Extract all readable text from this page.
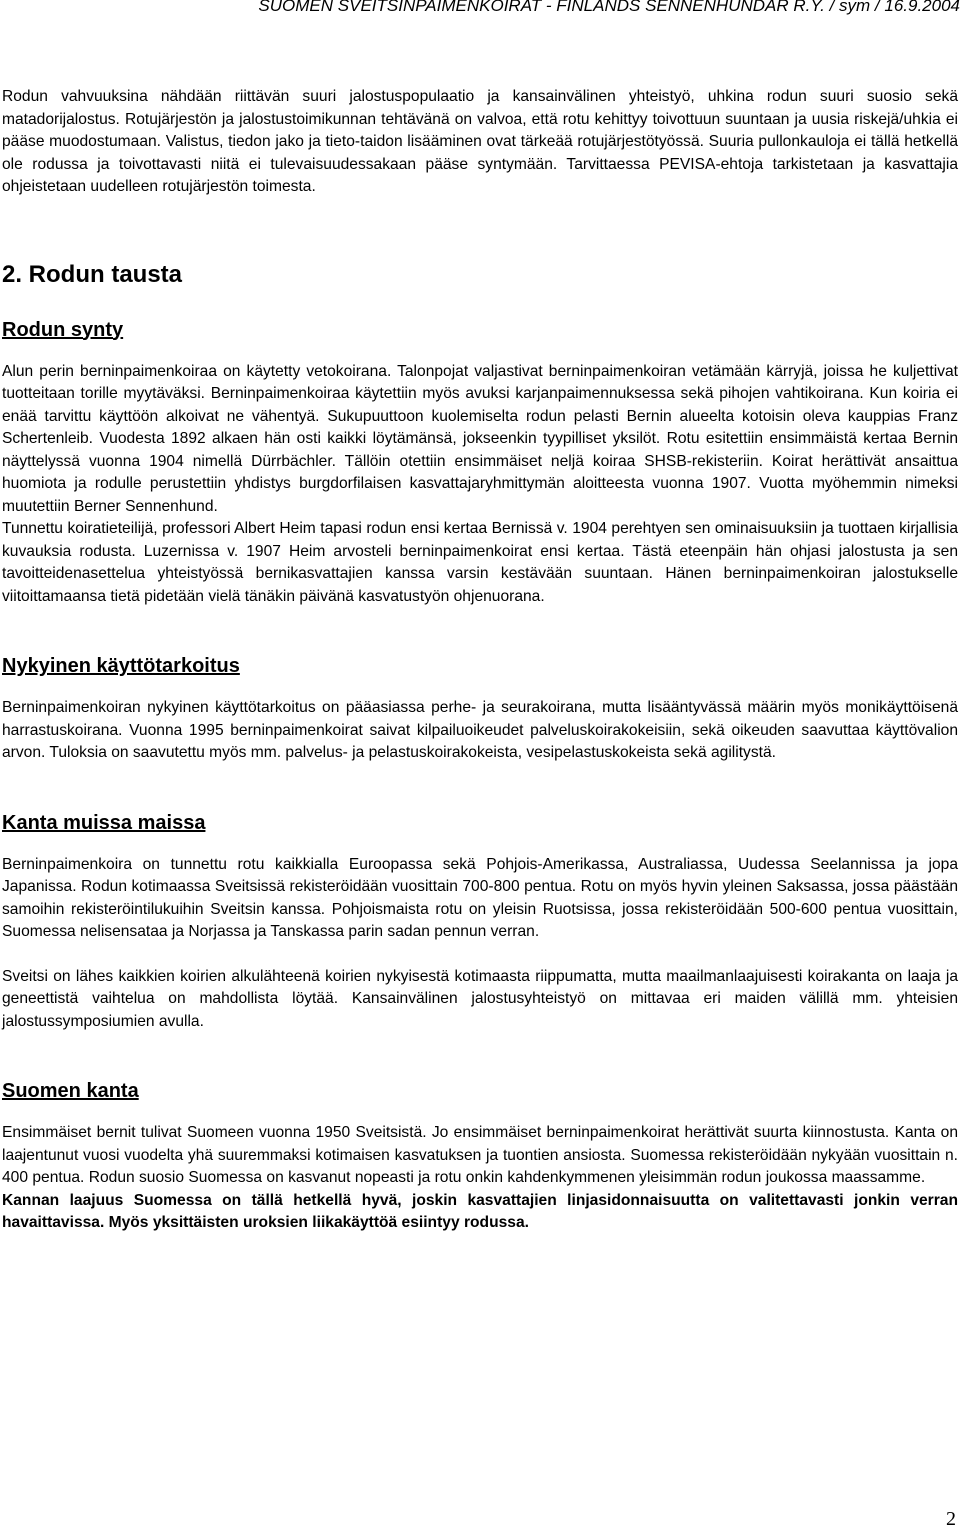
SUOMEN SVEITSINPAIMENKOIRAT - FINLANDS SENNENHUNDAR R.Y. / sym / 16.9.2004

Rodun vahvuuksina nähdään riittävän suuri jalostuspopulaatio ja kansainvälinen yhteistyö, uhkina rodun suuri suosio sekä matadorijalostus. Rotujärjestön ja jalostustoimikunnan tehtävänä on valvoa, että rotu kehittyy toivottuun suuntaan ja uusia riskejä/uhkia ei pääse muodostumaan. Valistus, tiedon jako ja tieto-taidon lisääminen ovat tärkeää rotujärjestötyössä. Suuria pullonkauloja ei tällä hetkellä ole rodussa ja toivottavasti niitä ei tulevaisuudessakaan pääse syntymään. Tarvittaessa PEVISA-ehtoja tarkistetaan ja kasvattajia ohjeistetaan uudelleen rotujärjestön toimesta.

2. Rodun tausta
Rodun synty

Alun perin berninpaimenkoiraa on käytetty vetokoirana. Talonpojat valjastivat berninpaimenkoiran vetämään kärryjä, joissa he kuljettivat tuotteitaan torille myytäväksi. Berninpaimenkoiraa käytettiin myös avuksi karjanpaimennuksessa sekä pihojen vahtikoirana. Kun koiria ei enää tarvittu käyttöön alkoivat ne vähentyä. Sukupuuttoon kuolemiselta rodun pelasti Bernin alueelta kotoisin oleva kauppias Franz Schertenleib. Vuodesta 1892 alkaen hän osti kaikki löytämänsä, jokseenkin tyypilliset yksilöt. Rotu esitettiin ensimmäistä kertaa Bernin näyttelyssä vuonna 1904 nimellä Dürrbächler. Tällöin otettiin ensimmäiset neljä koiraa SHSB-rekisteriin. Koirat herättivät ansaittua huomiota ja rodulle perustettiin yhdistys burgdorfilaisen kasvattajaryhmittymän aloitteesta vuonna 1907. Vuotta myöhemmin nimeksi muutettiin Berner Sennenhund.

Tunnettu koiratieteilijä, professori Albert Heim tapasi rodun ensi kertaa Bernissä v. 1904 perehtyen sen ominaisuuksiin ja tuottaen kirjallisia kuvauksia rodusta. Luzernissa v. 1907 Heim arvosteli berninpaimenkoirat ensi kertaa. Tästä eteenpäin hän ohjasi jalostusta ja sen tavoitteidenasettelua yhteistyössä bernikasvattajien kanssa varsin kestävään suuntaan. Hänen berninpaimenkoiran jalostukselle viitoittamaansa tietä pidetään vielä tänäkin päivänä kasvatustyön ohjenuorana.

Nykyinen käyttötarkoitus

Berninpaimenkoiran nykyinen käyttötarkoitus on pääasiassa perhe- ja seurakoirana, mutta lisääntyvässä määrin myös monikäyttöisenä harrastuskoirana. Vuonna 1995 berninpaimenkoirat saivat kilpailuoikeudet palveluskoirakokeisiin, sekä oikeuden saavuttaa käyttövalion arvon. Tuloksia on saavutettu myös mm. palvelus- ja pelastuskoirakokeista, vesipelastuskokeista sekä agilitystä.

Kanta muissa maissa

Berninpaimenkoira on tunnettu rotu kaikkialla Euroopassa sekä Pohjois-Amerikassa, Australiassa, Uudessa Seelannissa ja jopa Japanissa. Rodun kotimaassa Sveitsissä rekisteröidään vuosittain 700-800 pentua. Rotu on myös hyvin yleinen Saksassa, jossa päästään samoihin rekisteröintilukuihin Sveitsin kanssa. Pohjoismaista rotu on yleisin Ruotsissa, jossa rekisteröidään 500-600 pentua vuosittain, Suomessa nelisensataa ja Norjassa ja Tanskassa parin sadan pennun verran.

Sveitsi on lähes kaikkien koirien alkulähteenä koirien nykyisestä kotimaasta riippumatta, mutta maailmanlaajuisesti koirakanta on laaja ja geneettistä vaihtelua on mahdollista löytää. Kansainvälinen jalostusyhteistyö on mittavaa eri maiden välillä mm. yhteisien jalostussymposiumien avulla.

Suomen kanta

Ensimmäiset bernit tulivat Suomeen vuonna 1950 Sveitsistä. Jo ensimmäiset berninpaimenkoirat herättivät suurta kiinnostusta. Kanta on laajentunut vuosi vuodelta yhä suuremmaksi kotimaisen kasvatuksen ja tuontien ansiosta. Suomessa rekisteröidään nykyään vuosittain n. 400 pentua. Rodun suosio Suomessa on kasvanut nopeasti ja rotu onkin kahdenkymmenen yleisimmän rodun joukossa maassamme.

Kannan laajuus Suomessa on tällä hetkellä hyvä, joskin kasvattajien linjasidonnaisuutta on valitettavasti jonkin verran havaittavissa. Myös yksittäisten uroksien liikakäyttöä esiintyy rodussa.

2
